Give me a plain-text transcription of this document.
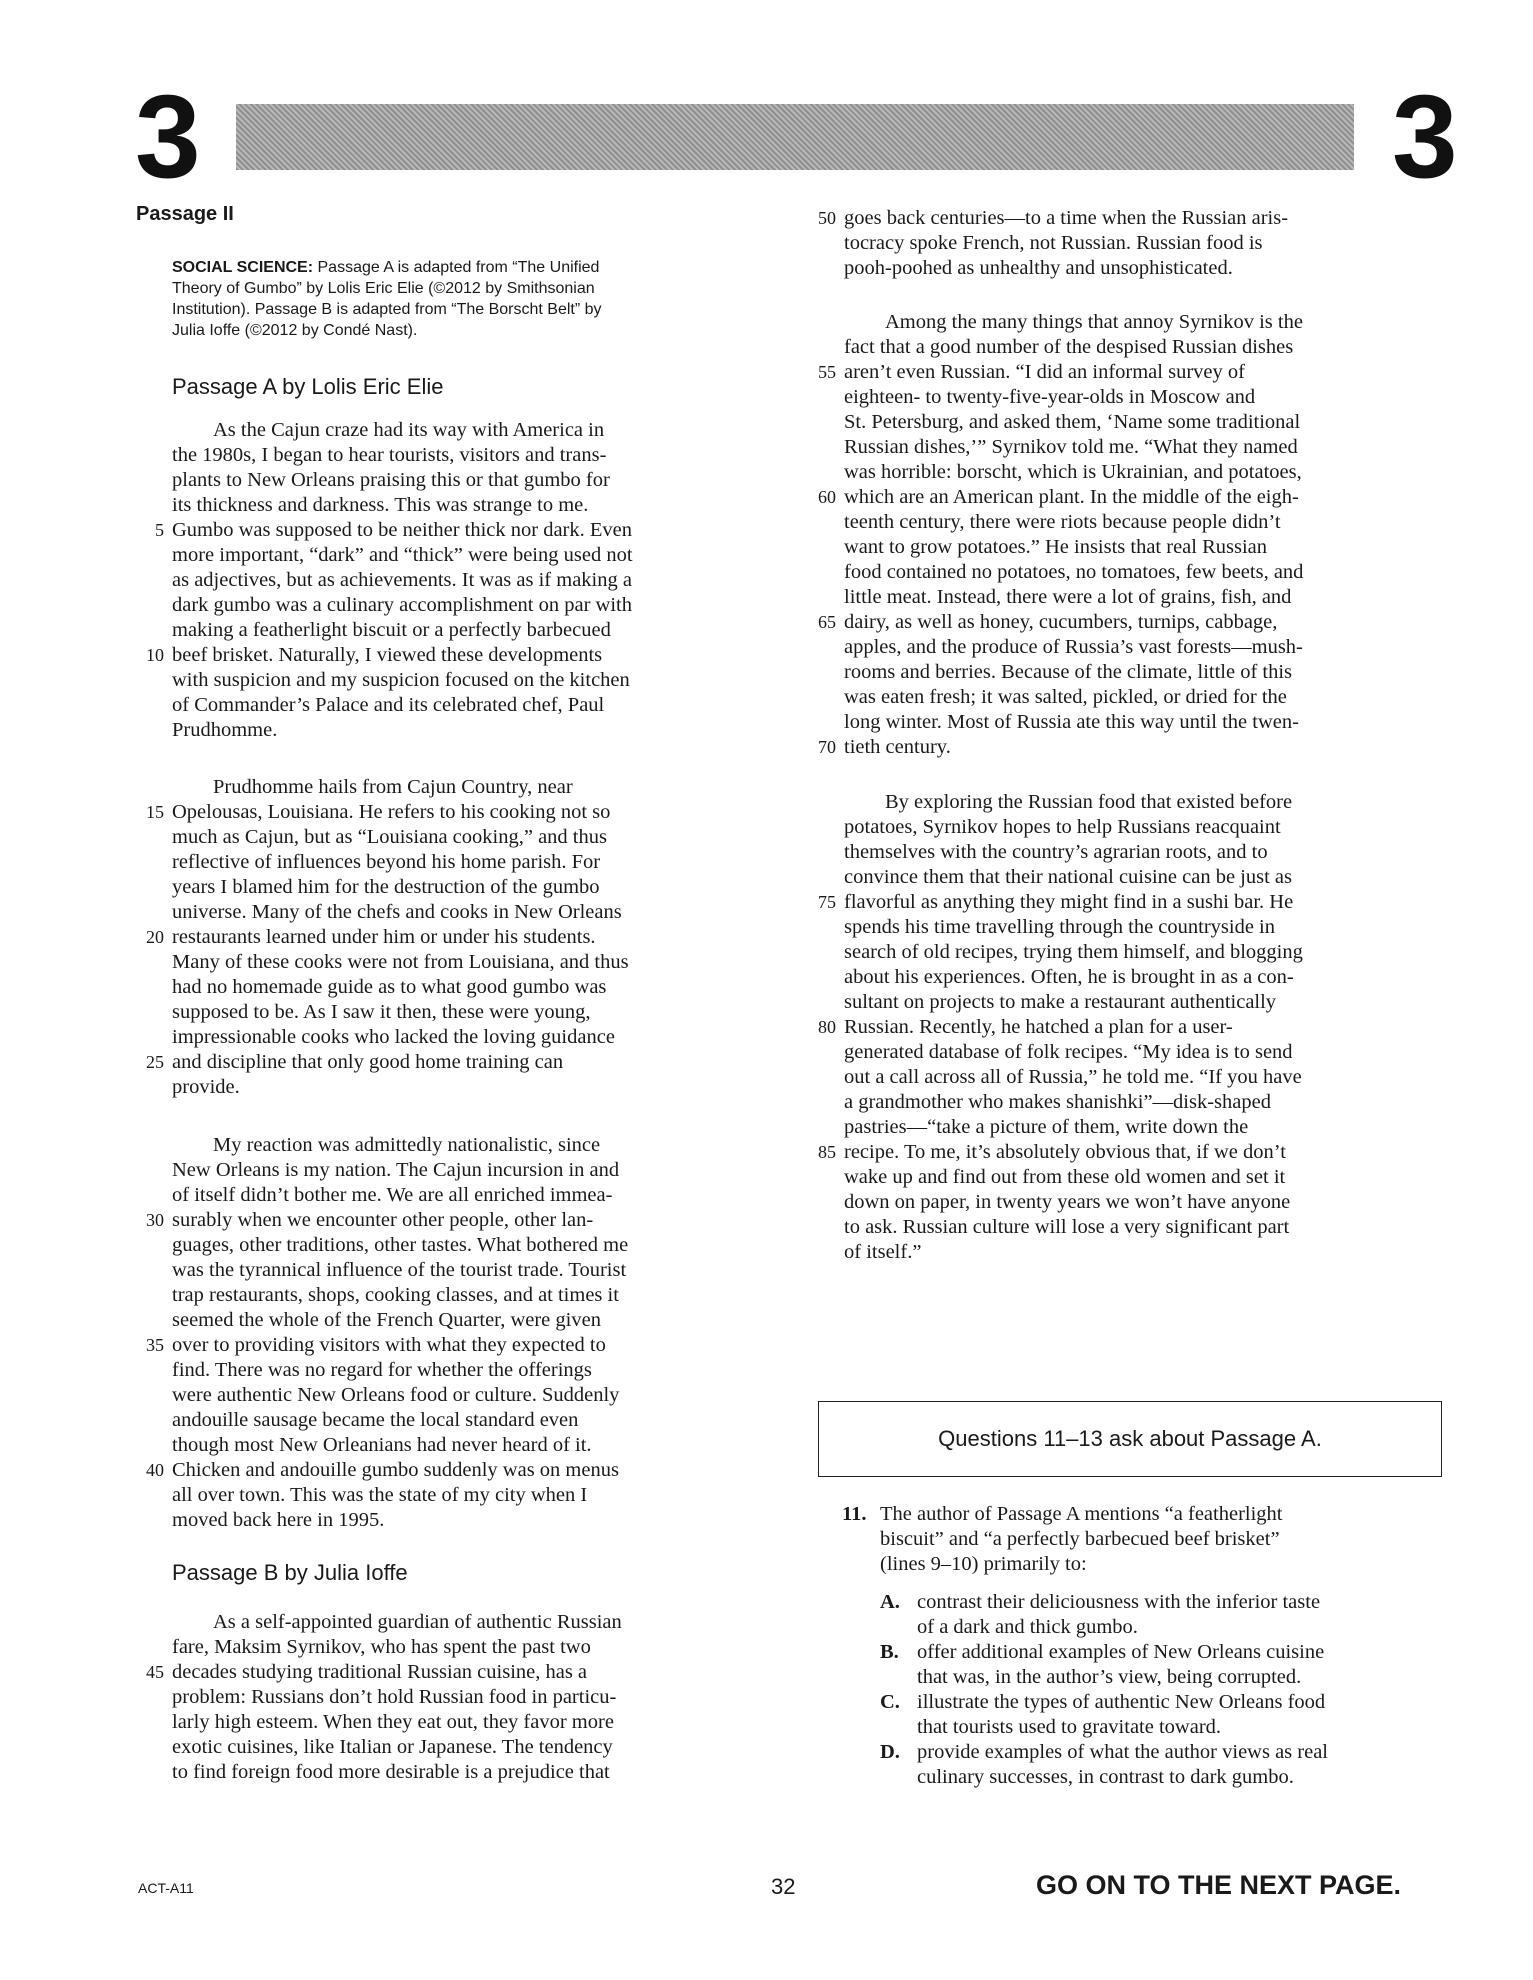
3	3
Passage II
SOCIAL SCIENCE: Passage A is adapted from “The Unified
Theory of Gumbo” by Lolis Eric Elie (©2012 by Smithsonian
Institution). Passage B is adapted from “The Borscht Belt” by
Julia Ioffe (©2012 by Condé Nast).
Passage A by Lolis Eric Elie
  As the Cajun craze had its way with America in
the 1980s, I began to hear tourists, visitors and trans-
plants to New Orleans praising this or that gumbo for
its thickness and darkness. This was strange to me.
5 Gumbo was supposed to be neither thick nor dark. Even
more important, “dark” and “thick” were being used not
as adjectives, but as achievements. It was as if making a
dark gumbo was a culinary accomplishment on par with
making a featherlight biscuit or a perfectly barbecued
10 beef brisket. Naturally, I viewed these developments
with suspicion and my suspicion focused on the kitchen
of Commander’s Palace and its celebrated chef, Paul
Prudhomme.
  Prudhomme hails from Cajun Country, near
15 Opelousas, Louisiana. He refers to his cooking not so
much as Cajun, but as “Louisiana cooking,” and thus
reflective of influences beyond his home parish. For
years I blamed him for the destruction of the gumbo
universe. Many of the chefs and cooks in New Orleans
20 restaurants learned under him or under his students.
Many of these cooks were not from Louisiana, and thus
had no homemade guide as to what good gumbo was
supposed to be. As I saw it then, these were young,
impressionable cooks who lacked the loving guidance
25 and discipline that only good home training can
provide.
  My reaction was admittedly nationalistic, since
New Orleans is my nation. The Cajun incursion in and
of itself didn’t bother me. We are all enriched immea-
30 surably when we encounter other people, other lan-
guages, other traditions, other tastes. What bothered me
was the tyrannical influence of the tourist trade. Tourist
trap restaurants, shops, cooking classes, and at times it
seemed the whole of the French Quarter, were given
35 over to providing visitors with what they expected to
find. There was no regard for whether the offerings
were authentic New Orleans food or culture. Suddenly
andouille sausage became the local standard even
though most New Orleanians had never heard of it.
40 Chicken and andouille gumbo suddenly was on menus
all over town. This was the state of my city when I
moved back here in 1995.
Passage B by Julia Ioffe
  As a self-appointed guardian of authentic Russian
fare, Maksim Syrnikov, who has spent the past two
45 decades studying traditional Russian cuisine, has a
problem: Russians don’t hold Russian food in particu-
larly high esteem. When they eat out, they favor more
exotic cuisines, like Italian or Japanese. The tendency
to find foreign food more desirable is a prejudice that
50 goes back centuries—to a time when the Russian aris-
tocracy spoke French, not Russian. Russian food is
pooh-poohed as unhealthy and unsophisticated.
  Among the many things that annoy Syrnikov is the
fact that a good number of the despised Russian dishes
55 aren’t even Russian. “I did an informal survey of
eighteen- to twenty-five-year-olds in Moscow and
St. Petersburg, and asked them, ‘Name some traditional
Russian dishes,’” Syrnikov told me. “What they named
was horrible: borscht, which is Ukrainian, and potatoes,
60 which are an American plant. In the middle of the eigh-
teenth century, there were riots because people didn’t
want to grow potatoes.” He insists that real Russian
food contained no potatoes, no tomatoes, few beets, and
little meat. Instead, there were a lot of grains, fish, and
65 dairy, as well as honey, cucumbers, turnips, cabbage,
apples, and the produce of Russia’s vast forests—mush-
rooms and berries. Because of the climate, little of this
was eaten fresh; it was salted, pickled, or dried for the
long winter. Most of Russia ate this way until the twen-
70 tieth century.
  By exploring the Russian food that existed before
potatoes, Syrnikov hopes to help Russians reacquaint
themselves with the country’s agrarian roots, and to
convince them that their national cuisine can be just as
75 flavorful as anything they might find in a sushi bar. He
spends his time travelling through the countryside in
search of old recipes, trying them himself, and blogging
about his experiences. Often, he is brought in as a con-
sultant on projects to make a restaurant authentically
80 Russian. Recently, he hatched a plan for a user-
generated database of folk recipes. “My idea is to send
out a call across all of Russia,” he told me. “If you have
a grandmother who makes shanishki”—disk-shaped
pastries—“take a picture of them, write down the
85 recipe. To me, it’s absolutely obvious that, if we don’t
wake up and find out from these old women and set it
down on paper, in twenty years we won’t have anyone
to ask. Russian culture will lose a very significant part
of itself.”
Questions 11–13 ask about Passage A.
11. The author of Passage A mentions “a featherlight
biscuit” and “a perfectly barbecued beef brisket”
(lines 9–10) primarily to:
A. contrast their deliciousness with the inferior taste
of a dark and thick gumbo.
B. offer additional examples of New Orleans cuisine
that was, in the author’s view, being corrupted.
C. illustrate the types of authentic New Orleans food
that tourists used to gravitate toward.
D. provide examples of what the author views as real
culinary successes, in contrast to dark gumbo.
ACT-A11	32	GO ON TO THE NEXT PAGE.
